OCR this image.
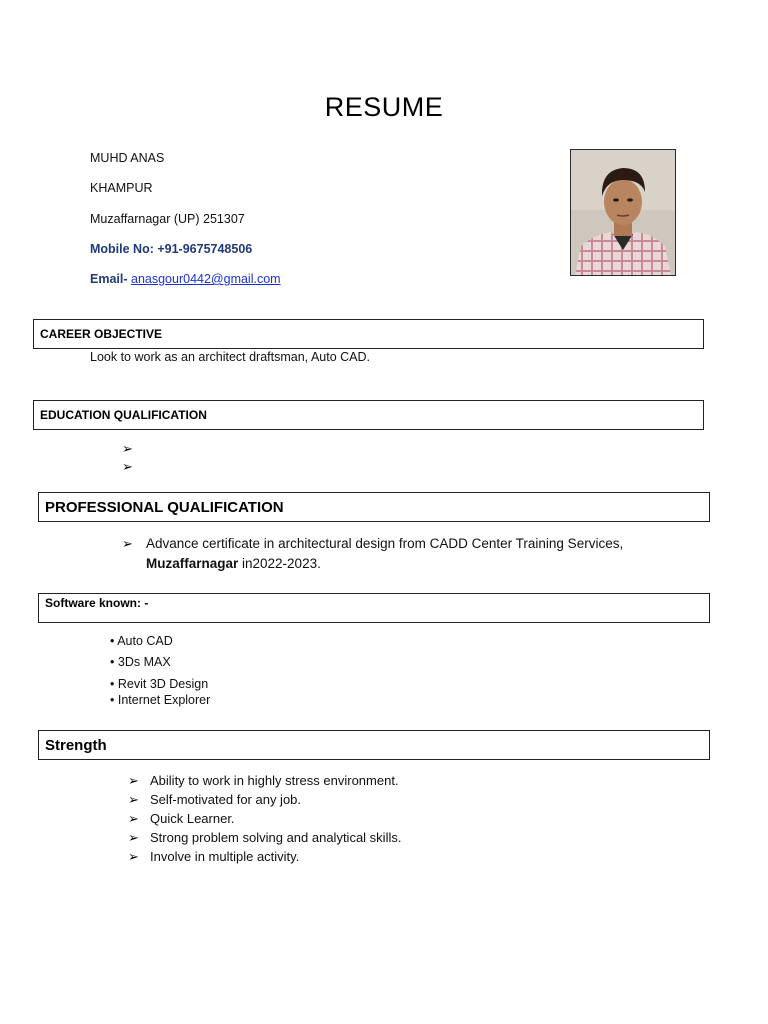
RESUME
MUHD ANAS
KHAMPUR
Muzaffarnagar (UP) 251307
Mobile No: +91-9675748506
Email- anasgour0442@gmail.com
CAREER OBJECTIVE
Look to work as an architect draftsman, Auto CAD.
EDUCATION QUALIFICATION
➢
➢
PROFESSIONAL QUALIFICATION
➢ Advance certificate in architectural design from CADD Center Training Services,
Muzaffarnagar in2022-2023.
Software known: -
• Auto CAD
• 3Ds MAX
• Revit 3D Design
• Internet Explorer
Strength
➢ Ability to work in highly stress environment.
➢ Self-motivated for any job.
➢ Quick Learner.
➢ Strong problem solving and analytical skills.
➢ Involve in multiple activity.
